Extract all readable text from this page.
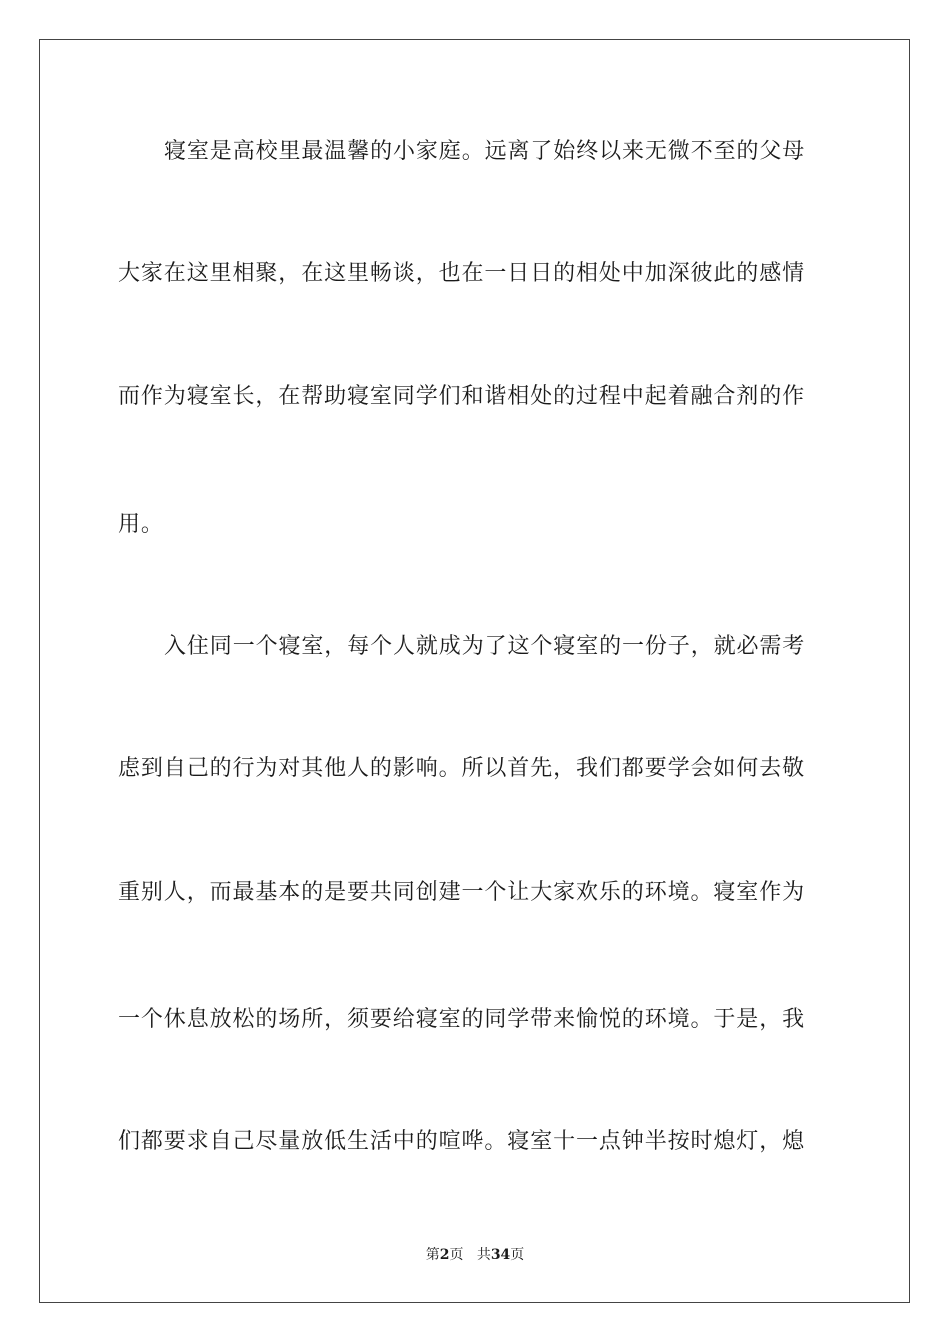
寝室是高校里最温馨的小家庭。远离了始终以来无微不至的父母
大家在这里相聚，在这里畅谈，也在一日日的相处中加深彼此的感情
而作为寝室长，在帮助寝室同学们和谐相处的过程中起着融合剂的作
用。
入住同一个寝室，每个人就成为了这个寝室的一份子，就必需考
虑到自己的行为对其他人的影响。所以首先，我们都要学会如何去敬
重别人，而最基本的是要共同创建一个让大家欢乐的环境。寝室作为
一个休息放松的场所，须要给寝室的同学带来愉悦的环境。于是，我
们都要求自己尽量放低生活中的喧哗。寝室十一点钟半按时熄灯，熄
第2页 共34页
